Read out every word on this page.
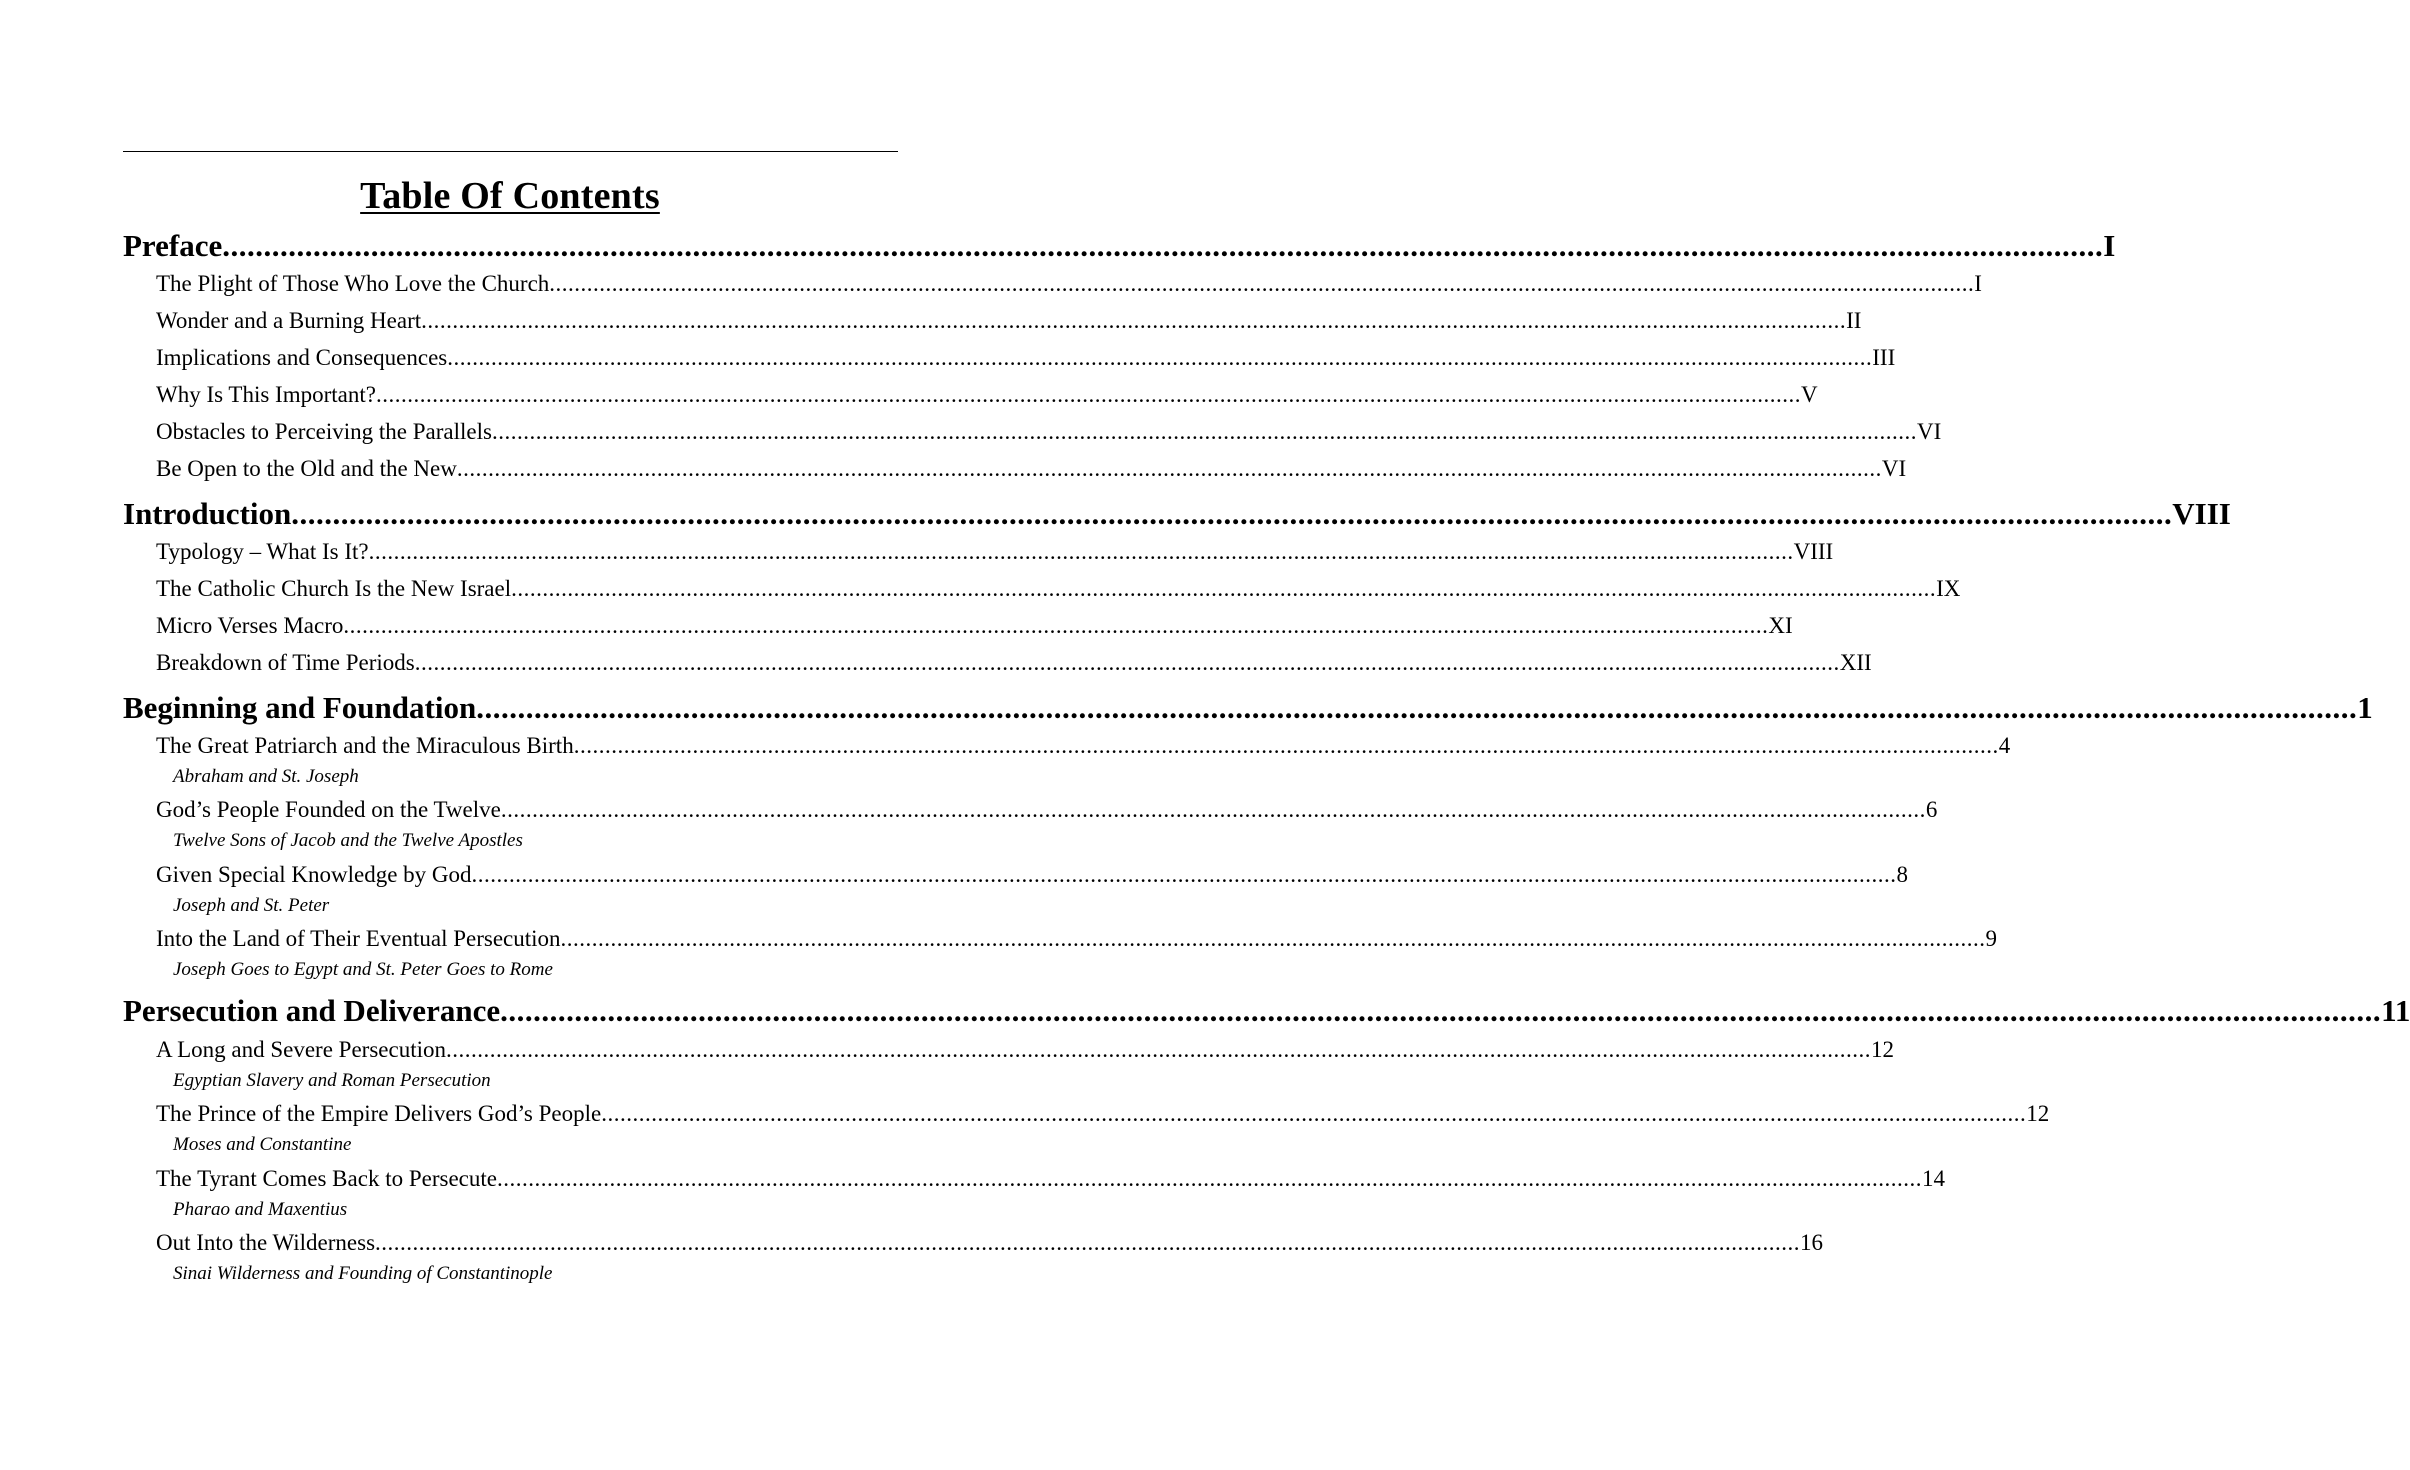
Table Of Contents
Preface .................................................................................................................................................................................................................................... I
The Plight of Those Who Love the Church .................................................................................................................................................................................................................................... I
Wonder and a Burning Heart .................................................................................................................................................................................................................................... II
Implications and Consequences .................................................................................................................................................................................................................................... III
Why Is This Important? .................................................................................................................................................................................................................................... V
Obstacles to Perceiving the Parallels .................................................................................................................................................................................................................................... VI
Be Open to the Old and the New .................................................................................................................................................................................................................................... VI
Introduction .................................................................................................................................................................................................................................... VIII
Typology – What Is It? .................................................................................................................................................................................................................................... VIII
The Catholic Church Is the New Israel .................................................................................................................................................................................................................................... IX
Micro Verses Macro .................................................................................................................................................................................................................................... XI
Breakdown of Time Periods .................................................................................................................................................................................................................................... XII
Beginning and Foundation .................................................................................................................................................................................................................................... 1
The Great Patriarch and the Miraculous Birth .................................................................................................................................................................................................................................... 4
Abraham and St. Joseph
God’s People Founded on the Twelve .................................................................................................................................................................................................................................... 6
Twelve Sons of Jacob and the Twelve Apostles
Given Special Knowledge by God .................................................................................................................................................................................................................................... 8
Joseph and St. Peter
Into the Land of Their Eventual Persecution .................................................................................................................................................................................................................................... 9
Joseph Goes to Egypt and St. Peter Goes to Rome
Persecution and Deliverance .................................................................................................................................................................................................................................... 11
A Long and Severe Persecution .................................................................................................................................................................................................................................... 12
Egyptian Slavery and Roman Persecution
The Prince of the Empire Delivers God’s People .................................................................................................................................................................................................................................... 12
Moses and Constantine
The Tyrant Comes Back to Persecute .................................................................................................................................................................................................................................... 14
Pharao and Maxentius
Out Into the Wilderness .................................................................................................................................................................................................................................... 16
Sinai Wilderness and Founding of Constantinople
